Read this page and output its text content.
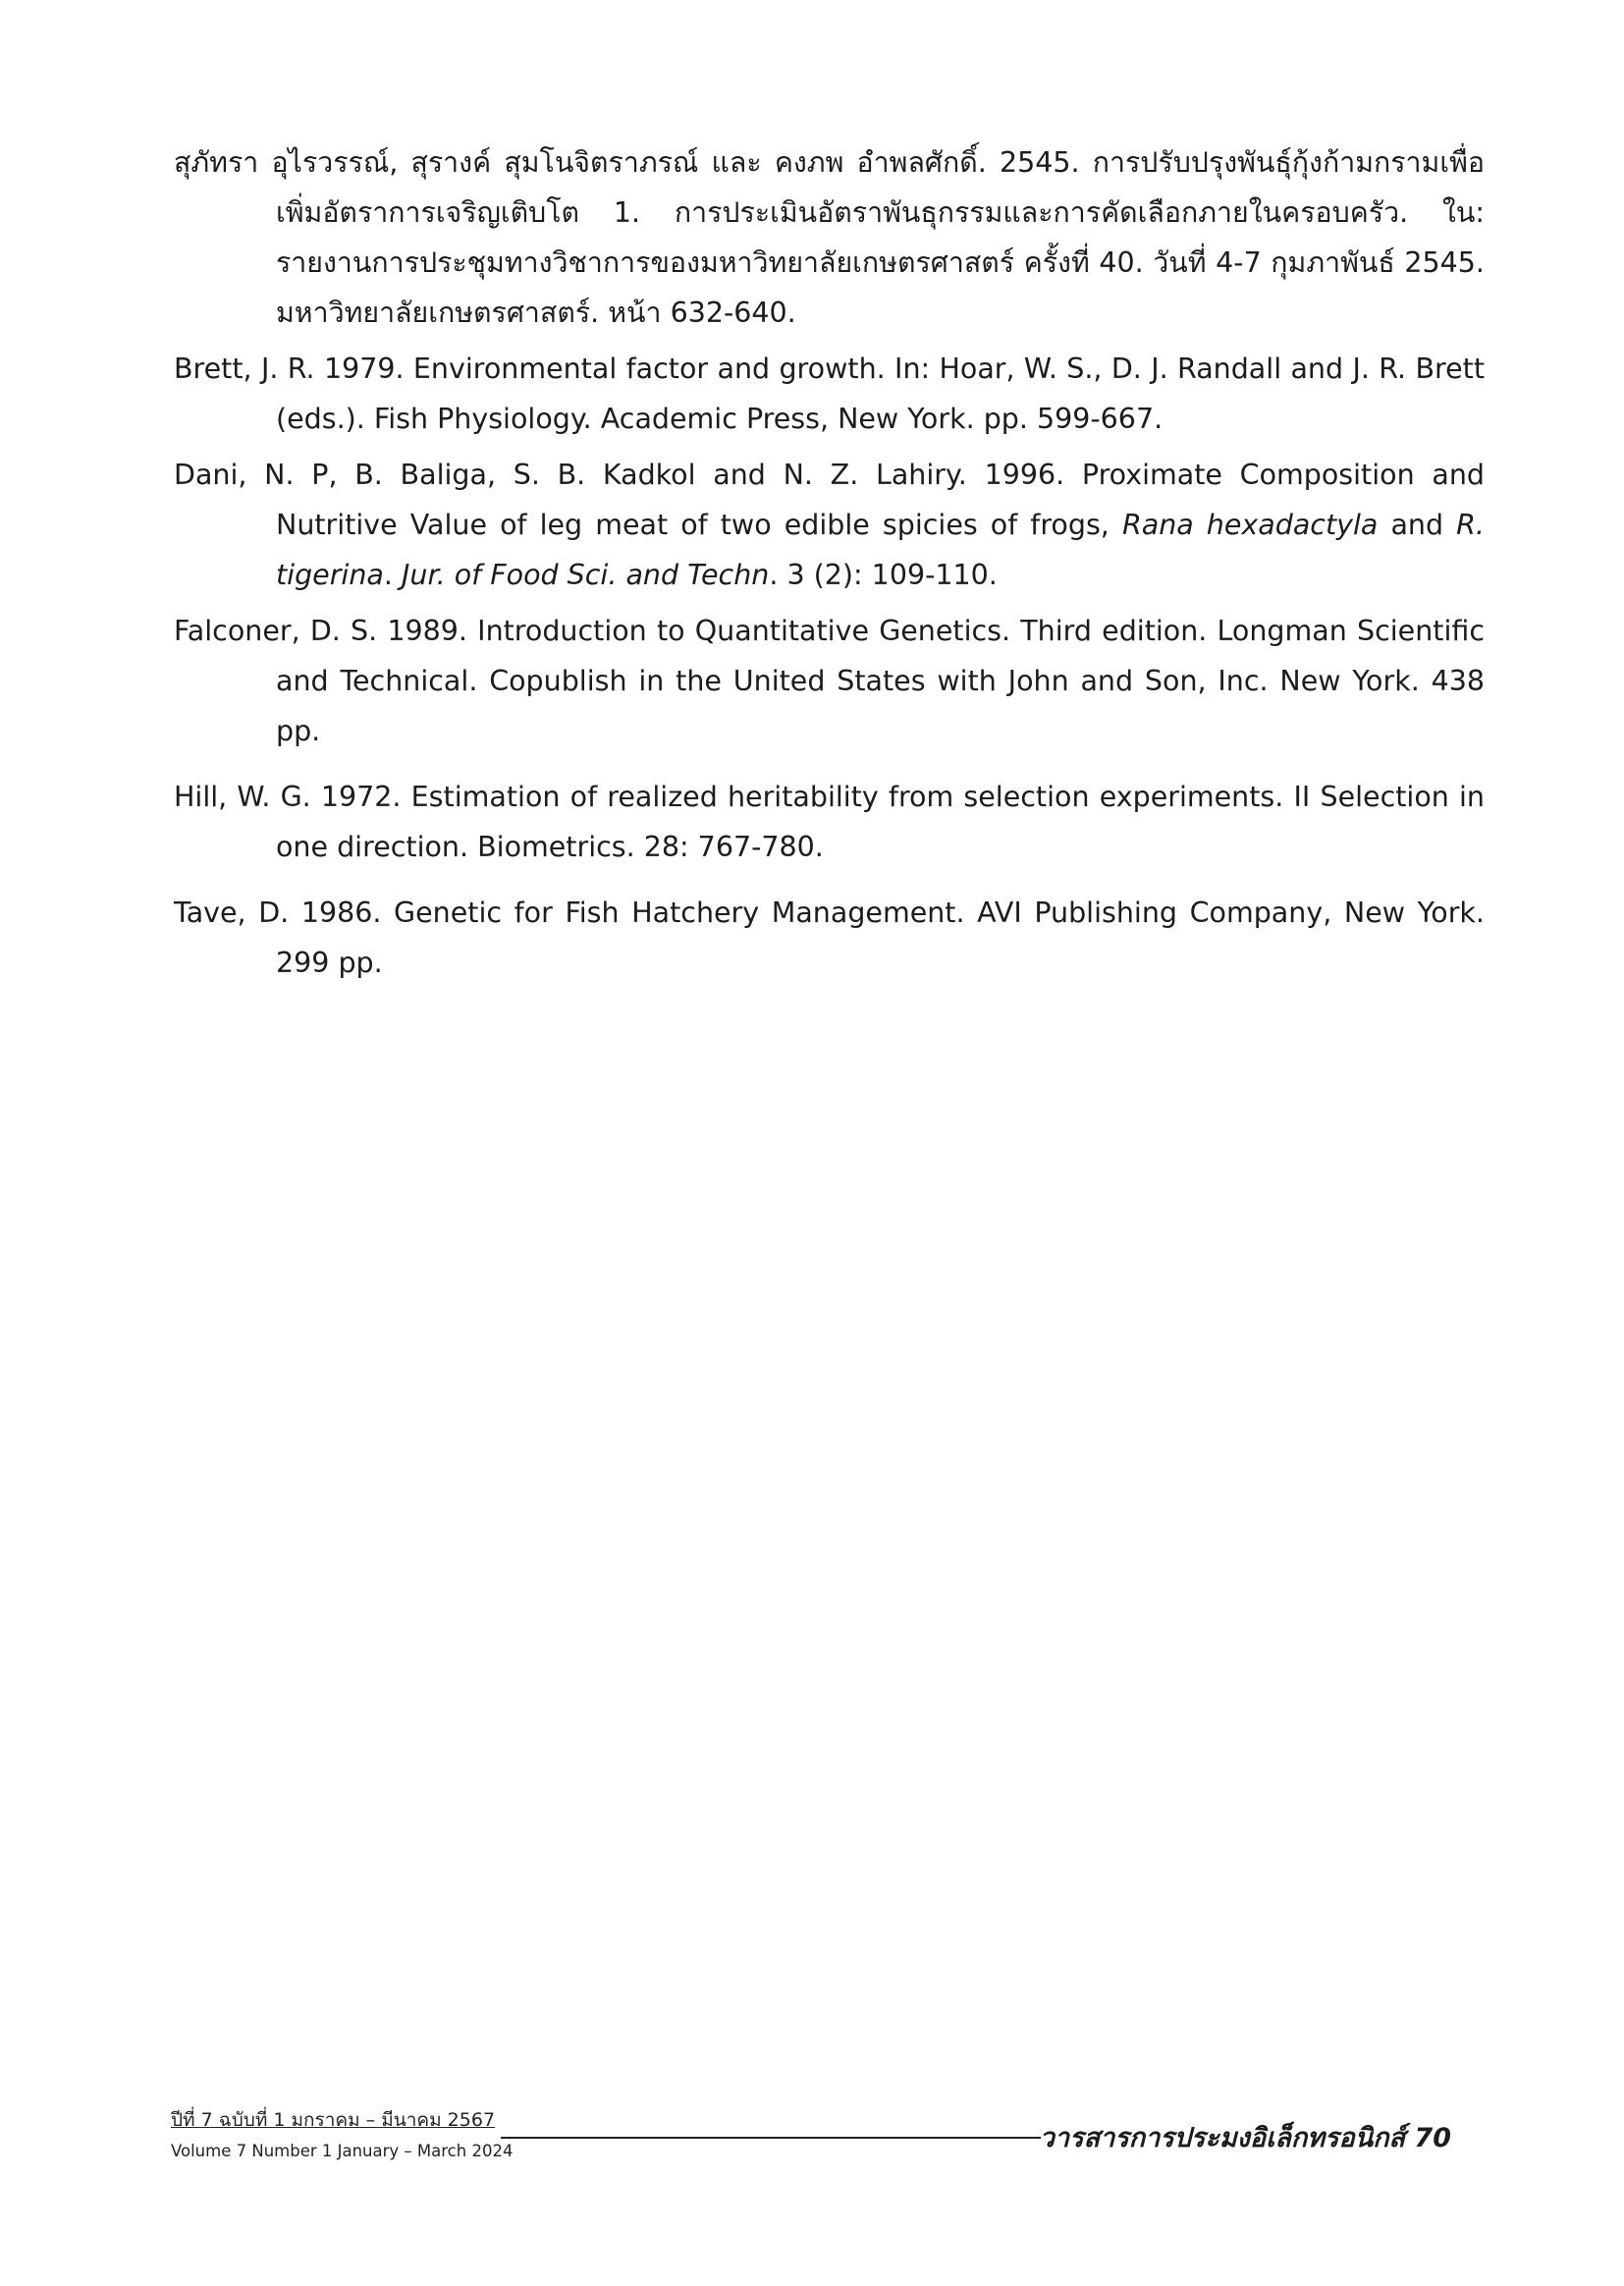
สุภัทรา อุไรวรรณ์, สุรางค์ สุมโนจิตราภรณ์ และ คงภพ อำพลศักดิ์. 2545. การปรับปรุงพันธุ์กุ้งก้ามกรามเพื่อเพิ่มอัตราการเจริญเติบโต 1. การประเมินอัตราพันธุกรรมและการคัดเลือกภายในครอบครัว. ใน: รายงานการประชุมทางวิชาการของมหาวิทยาลัยเกษตรศาสตร์ ครั้งที่ 40. วันที่ 4-7 กุมภาพันธ์ 2545. มหาวิทยาลัยเกษตรศาสตร์. หน้า 632-640.

Brett, J. R. 1979. Environmental factor and growth. In: Hoar, W. S., D. J. Randall and J. R. Brett (eds.). Fish Physiology. Academic Press, New York. pp. 599-667.

Dani, N. P, B. Baliga, S. B. Kadkol and N. Z. Lahiry. 1996. Proximate Composition and Nutritive Value of leg meat of two edible spicies of frogs, Rana hexadactyla and R. tigerina. Jur. of Food Sci. and Techn. 3 (2): 109-110.

Falconer, D. S. 1989. Introduction to Quantitative Genetics. Third edition. Longman Scientific and Technical. Copublish in the United States with John and Son, Inc. New York. 438 pp.

Hill, W. G. 1972. Estimation of realized heritability from selection experiments. II Selection in one direction. Biometrics. 28: 767-780.

Tave, D. 1986. Genetic for Fish Hatchery Management. AVI Publishing Company, New York. 299 pp.

ปีที่ 7 ฉบับที่ 1 มกราคม – มีนาคม 2567
Volume 7 Number 1 January – March 2024	วารสารการประมงอิเล็กทรอนิกส์ 70
